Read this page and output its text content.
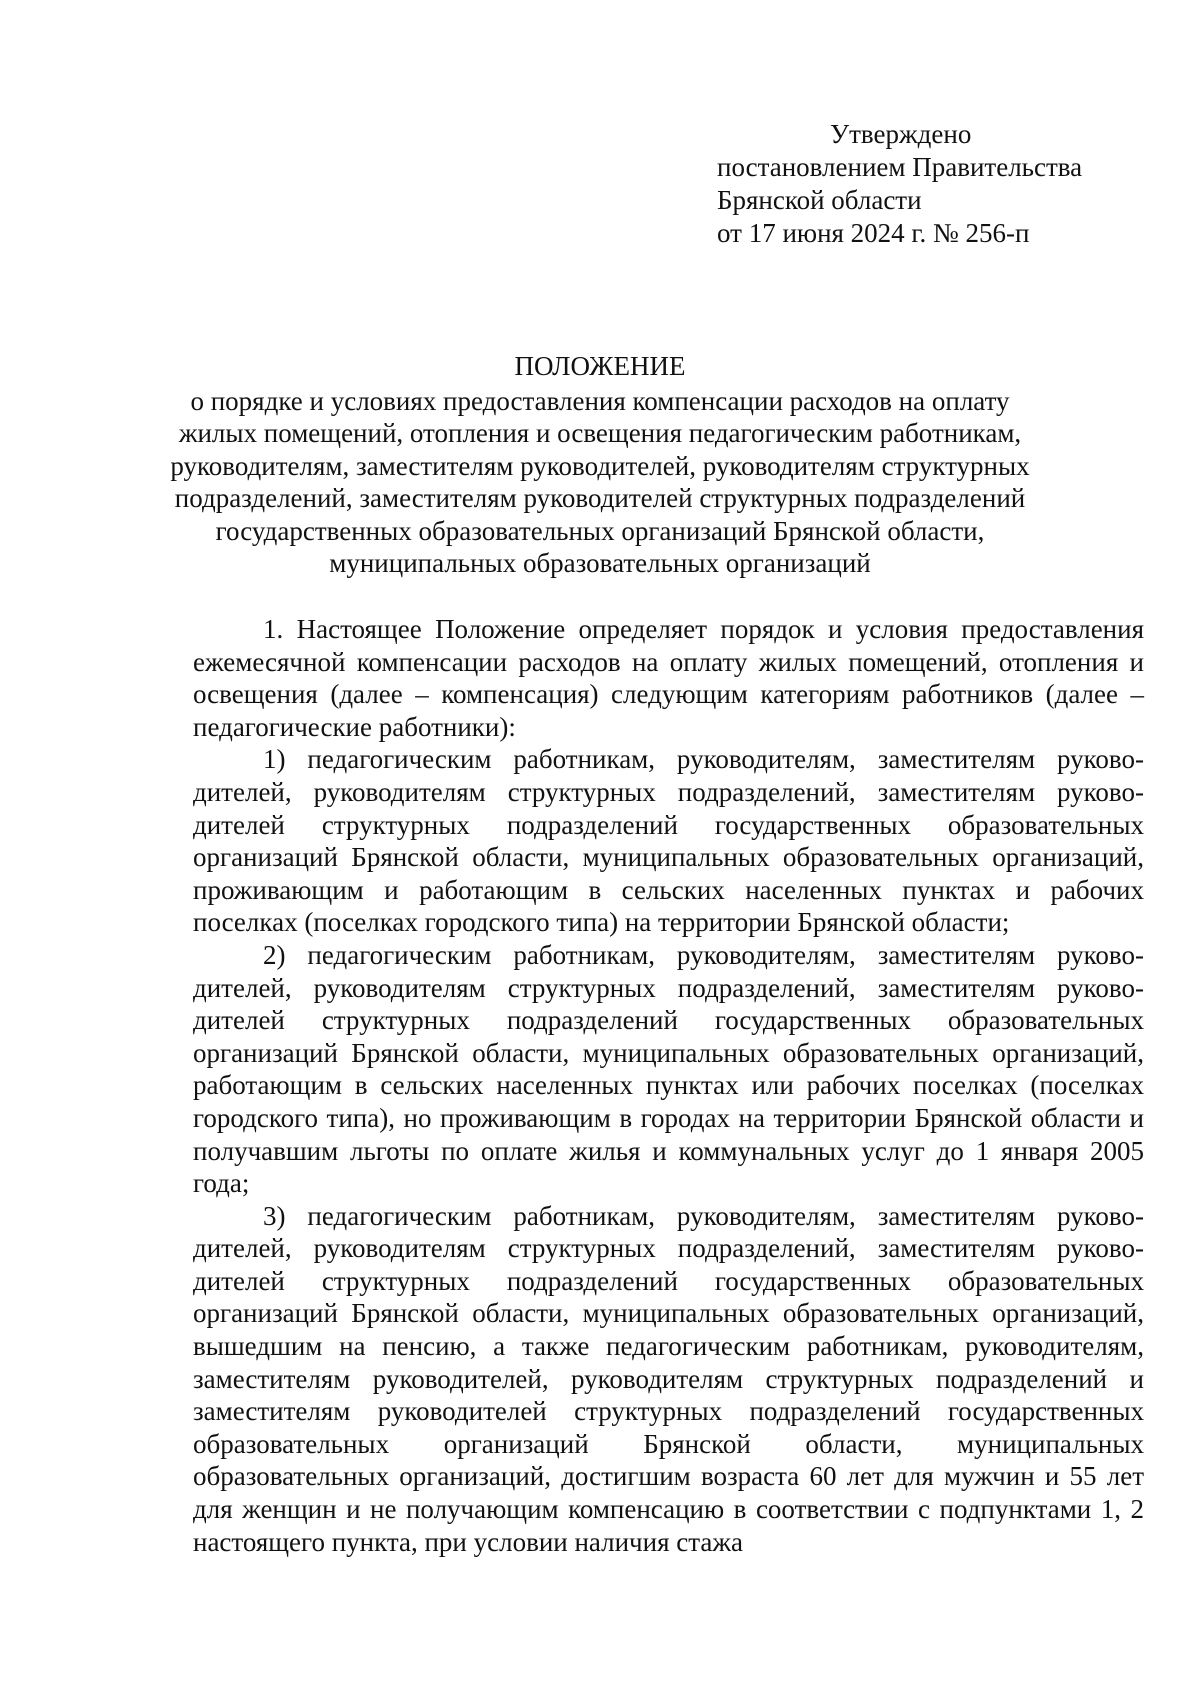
Утверждено
постановлением Правительства
Брянской области
от 17 июня 2024 г. № 256-п
ПОЛОЖЕНИЕ
о порядке и условиях предоставления компенсации расходов на оплату
жилых помещений, отопления и освещения педагогическим работникам,
руководителям, заместителям руководителей, руководителям структурных
подразделений, заместителям руководителей структурных подразделений
государственных образовательных организаций Брянской области,
муниципальных образовательных организаций

1. Настоящее Положение определяет порядок и условия предоставления ежемесячной компенсации расходов на оплату жилых помещений, отопления и освещения (далее – компенсация) следующим категориям работников (далее – педагогические работники):

1) педагогическим работникам, руководителям, заместителям руководителей, руководителям структурных подразделений, заместителям руководителей структурных подразделений государственных образовательных организаций Брянской области, муниципальных образовательных организаций, проживающим и работающим в сельских населенных пунктах и рабочих поселках (поселках городского типа) на территории Брянской области;

2) педагогическим работникам, руководителям, заместителям руководителей, руководителям структурных подразделений, заместителям руководителей структурных подразделений государственных образовательных организаций Брянской области, муниципальных образовательных организаций, работающим в сельских населенных пунктах или рабочих поселках (поселках городского типа), но проживающим в городах на территории Брянской области и получавшим льготы по оплате жилья и коммунальных услуг до 1 января 2005 года;

3) педагогическим работникам, руководителям, заместителям руководителей, руководителям структурных подразделений, заместителям руководителей структурных подразделений государственных образовательных организаций Брянской области, муниципальных образовательных организаций, вышедшим на пенсию, а также педагогическим работникам, руководителям, заместителям руководителей, руководителям структурных подразделений и заместителям руководителей структурных подразделений государственных образовательных организаций Брянской области, муниципальных образовательных организаций, достигшим возраста 60 лет для мужчин и 55 лет для женщин и не получающим компенсацию в соответствии с подпунктами 1, 2 настоящего пункта, при условии наличия стажа
